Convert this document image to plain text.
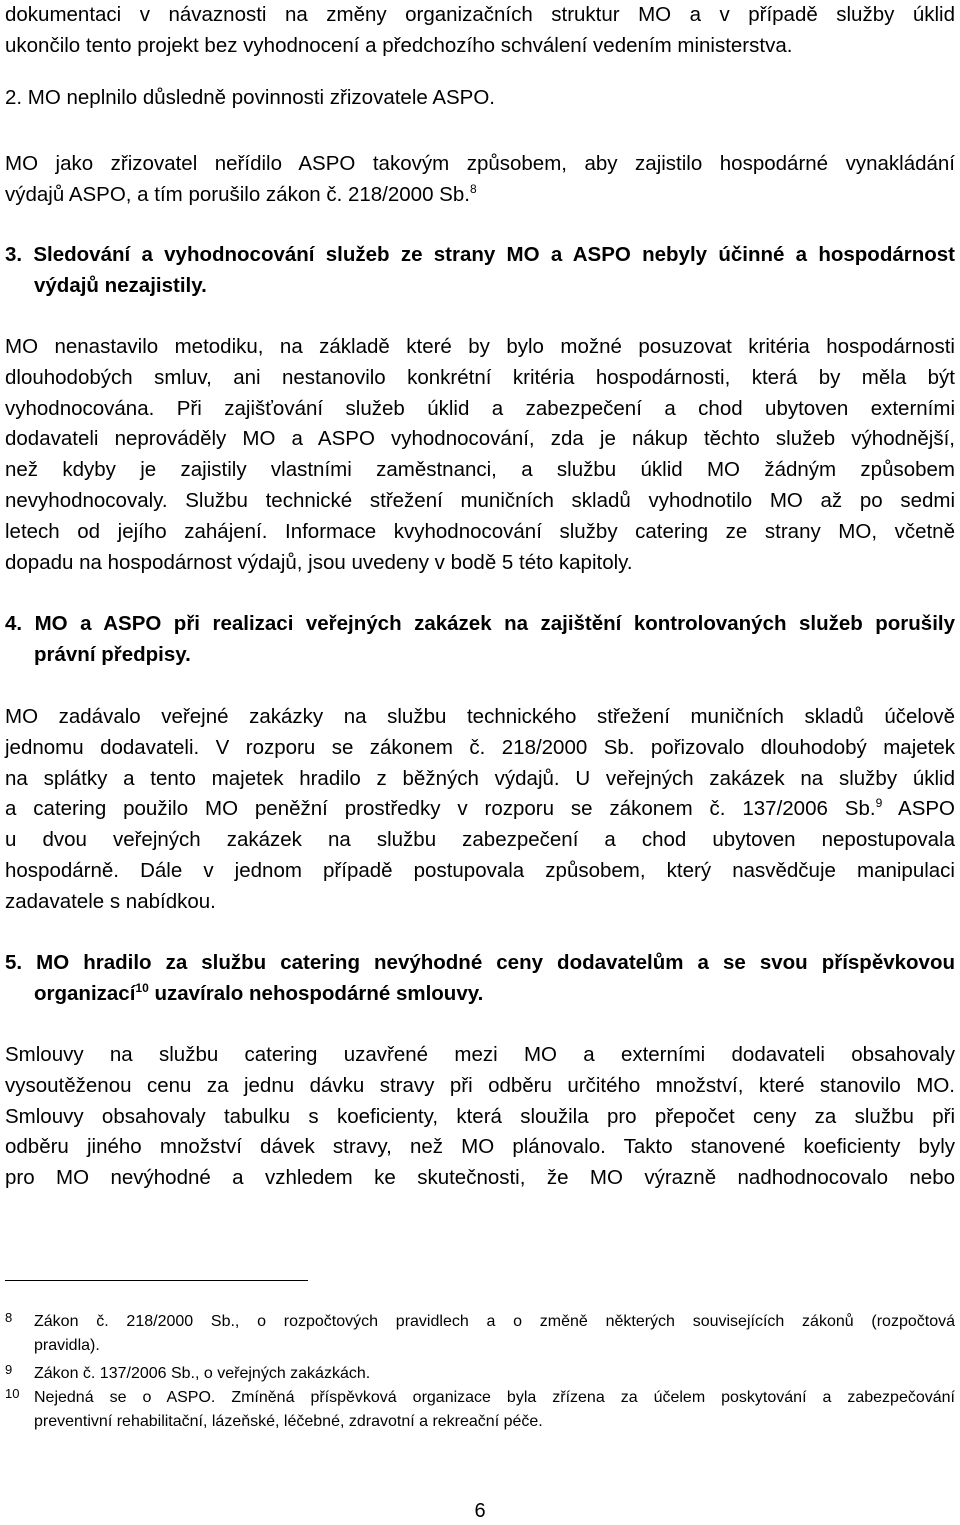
dokumentaci v návaznosti na změny organizačních struktur MO a v případě služby úklid
ukončilo tento projekt bez vyhodnocení a předchozího schválení vedením ministerstva.
2. MO neplnilo důsledně povinnosti zřizovatele ASPO.
MO jako zřizovatel neřídilo ASPO takovým způsobem, aby zajistilo hospodárné vynakládání
výdajů ASPO, a tím porušilo zákon č. 218/2000 Sb.$^8$
3. Sledování a vyhodnocování služeb ze strany MO a ASPO nebyly účinné a hospodárnost
výdajů nezajistily.
MO nenastavilo metodiku, na základě které by bylo možné posuzovat kritéria hospodárnosti
dlouhodobých smluv, ani nestanovilo konkrétní kritéria hospodárnosti, která by měla být
vyhodnocována. Při zajišťování služeb úklid a zabezpečení a chod ubytoven externími
dodavateli neprováděly MO a ASPO vyhodnocování, zda je nákup těchto služeb výhodnější,
než kdyby je zajistily vlastními zaměstnanci, a službu úklid MO žádným způsobem
nevyhodnocovaly. Službu technické střežení muničních skladů vyhodnotilo MO až po sedmi
letech od jejího zahájení. Informace kvyhodnocování služby catering ze strany MO, včetně
dopadu na hospodárnost výdajů, jsou uvedeny v bodě 5 této kapitoly.
4. MO a ASPO při realizaci veřejných zakázek na zajištění kontrolovaných služeb porušily
právní předpisy.
MO zadávalo veřejné zakázky na službu technického střežení muničních skladů účelově
jednomu dodavateli. V rozporu se zákonem č. 218/2000 Sb. pořizovalo dlouhodobý majetek
na splátky a tento majetek hradilo z běžných výdajů. U veřejných zakázek na služby úklid
a catering použilo MO peněžní prostředky v rozporu se zákonem č. 137/2006 Sb.$^9$ ASPO
u dvou veřejných zakázek na službu zabezpečení a chod ubytoven nepostupovala
hospodárně. Dále v jednom případě postupovala způsobem, který nasvědčuje manipulaci
zadavatele s nabídkou.
5. MO hradilo za službu catering nevýhodné ceny dodavatelům a se svou příspěvkovou
organizací$^{10}$ uzavíralo nehospodárné smlouvy.
Smlouvy na službu catering uzavřené mezi MO a externími dodavateli obsahovaly
vysoutěženou cenu za jednu dávku stravy při odběru určitého množství, které stanovilo MO.
Smlouvy obsahovaly tabulku s koeficienty, která sloužila pro přepočet ceny za službu při
odběru jiného množství dávek stravy, než MO plánovalo. Takto stanovené koeficienty byly
pro MO nevýhodné a vzhledem ke skutečnosti, že MO výrazně nadhodnocovalo nebo
8 Zákon č. 218/2000 Sb., o rozpočtových pravidlech a o změně některých souvisejících zákonů (rozpočtová
pravidla).
9 Zákon č. 137/2006 Sb., o veřejných zakázkách.
10 Nejedná se o ASPO. Zmíněná příspěvková organizace byla zřízena za účelem poskytování a zabezpečování
preventivní rehabilitační, lázeňské, léčebné, zdravotní a rekreační péče.
6
